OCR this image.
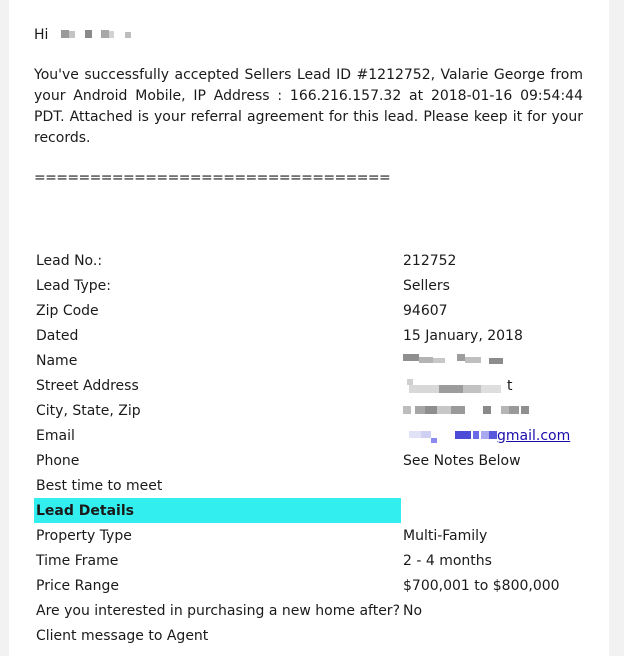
Hi
You've successfully accepted Sellers Lead ID #1212752, Valarie George from your Android Mobile, IP Address : 166.216.157.32 at 2018-01-16 09:54:44 PDT. Attached is your referral agreement for this lead. Please keep it for your records.
================================
Lead No.:	212752
Lead Type:	Sellers
Zip Code	94607
Dated	15 January, 2018
Name	
Street Address	t
City, State, Zip	
Email	gmail.com
Phone	See Notes Below
Best time to meet	
Lead Details	
Property Type	Multi-Family
Time Frame	2 - 4 months
Price Range	$700,001 to $800,000
Are you interested in purchasing a new home after?	No
Client message to Agent	
